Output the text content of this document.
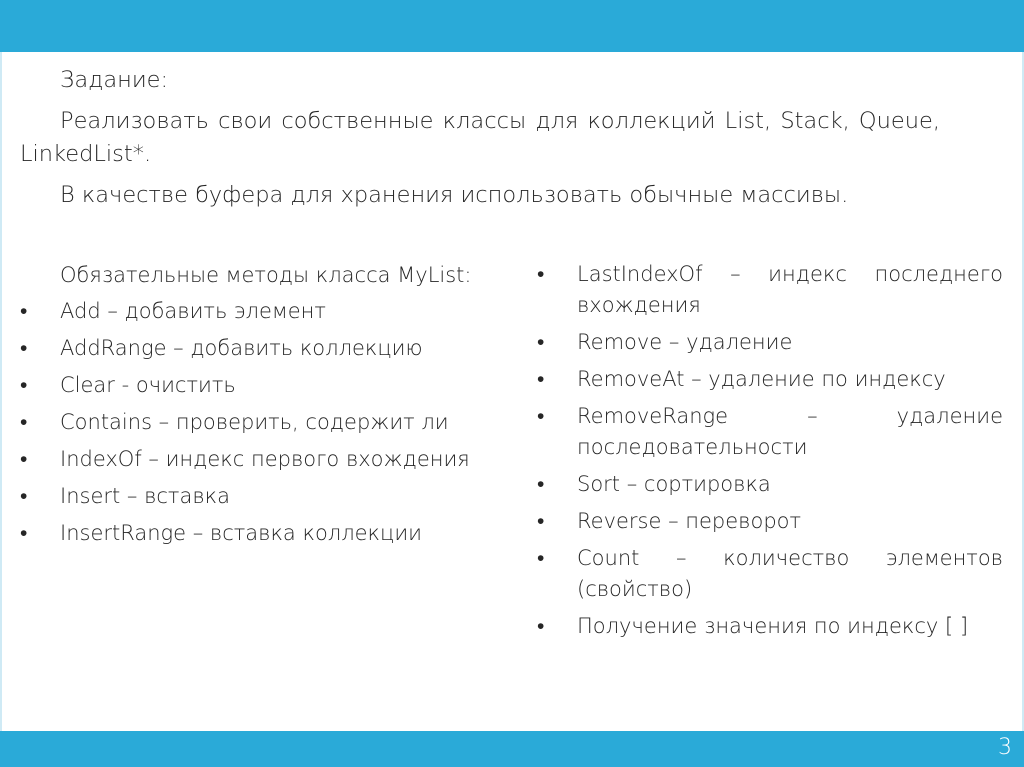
Задание:

Реализовать свои собственные классы для коллекций List, Stack, Queue, LinkedList*.

В качестве буфера для хранения использовать обычные массивы.

Обязательные методы класса MyList:

•	Add – добавить элемент
•	AddRange – добавить коллекцию
•	Clear - очистить
•	Contains – проверить, содержит ли
•	IndexOf – индекс первого вхождения
•	Insert – вставка
•	InsertRange – вставка коллекции
•	LastIndexOf – индекс последнего вхождения
•	Remove – удаление
•	RemoveAt – удаление по индексу
•	RemoveRange – удаление последовательности
•	Sort – сортировка
•	Reverse – переворот
•	Count – количество элементов (свойство)
•	Получение значения по индексу [ ]
3
